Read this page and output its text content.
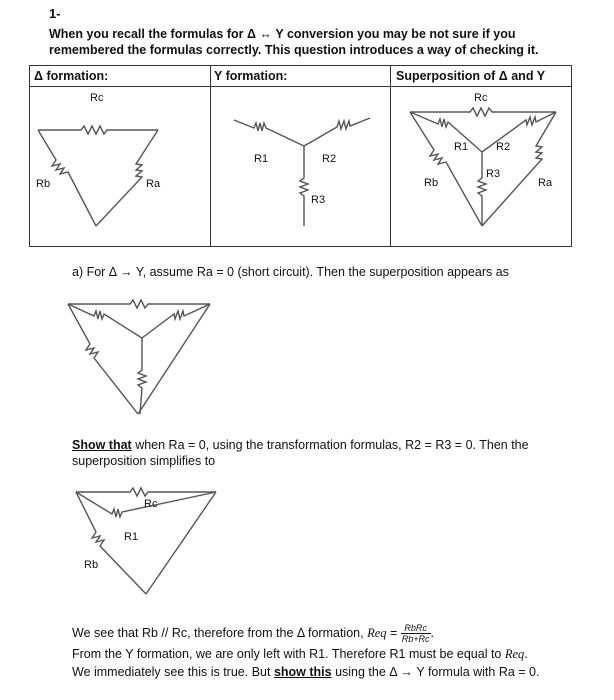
1-
When you recall the formulas for Δ ↔ Y conversion you may be not sure if you remembered the formulas correctly. This question introduces a way of checking it.
Δ formation:	Y formation:	Superposition of Δ and Y
Rc
Rb	Ra
R1	R2
R3
Rc
R1	R2
R3
Rb	Ra
a) For Δ → Y, assume Ra = 0 (short circuit). Then the superposition appears as
Show that when Ra = 0, using the transformation formulas, R2 = R3 = 0. Then the superposition simplifies to
Rc
R1
Rb
We see that Rb // Rc, therefore from the Δ formation, Req = $\frac{\text{RbRc}}{Rb+Rc}$ .
From the Y formation, we are only left with R1. Therefore R1 must be equal to Req.
We immediately see this is true. But show this using the Δ → Y formula with Ra = 0.
